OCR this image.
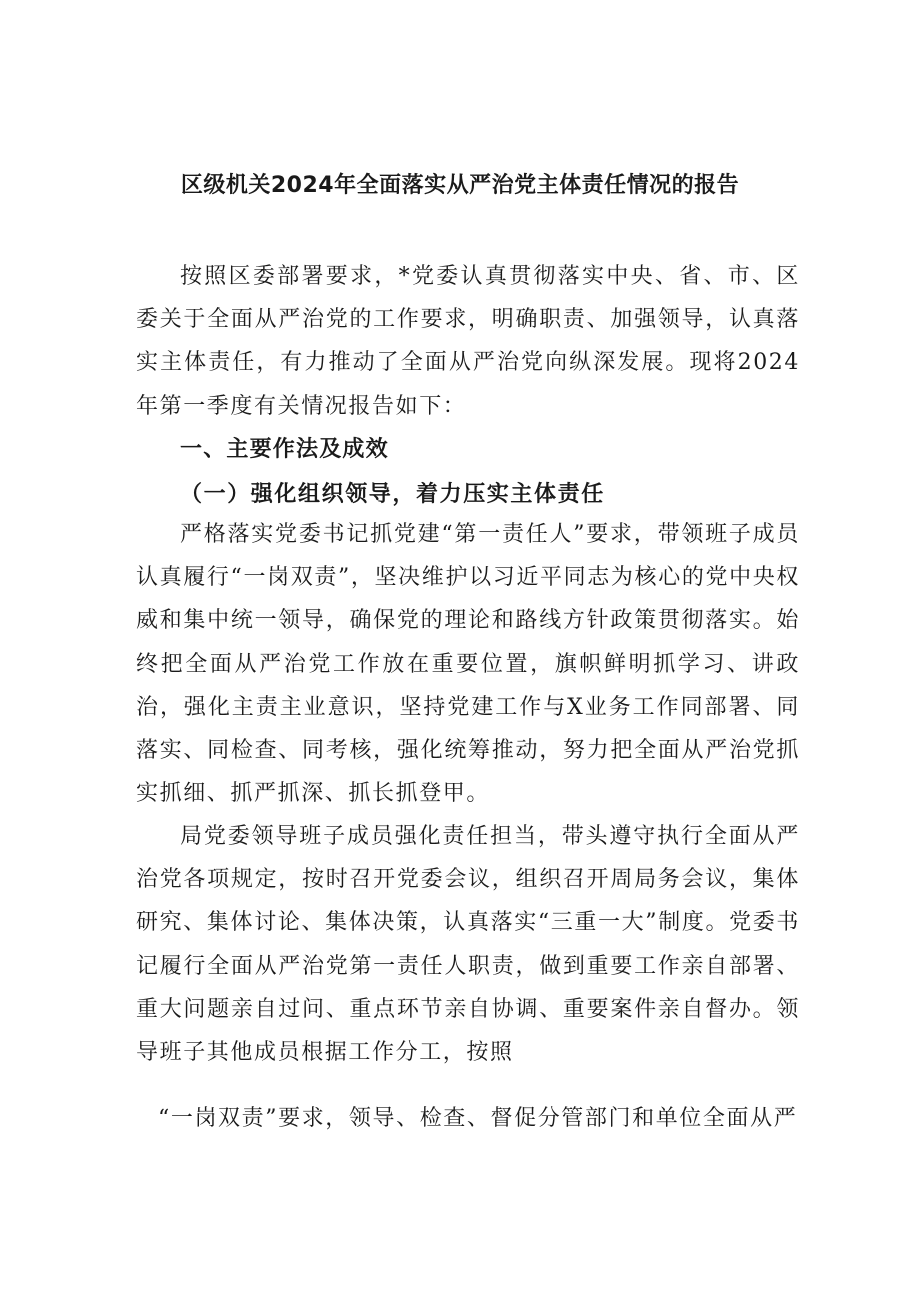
区级机关2024年全面落实从严治党主体责任情况的报告

按照区委部署要求，*党委认真贯彻落实中央、省、市、区委关于全面从严治党的工作要求，明确职责、加强领导，认真落实主体责任，有力推动了全面从严治党向纵深发展。现将2024年第一季度有关情况报告如下：

一、主要作法及成效
（一）强化组织领导，着力压实主体责任

严格落实党委书记抓党建“第一责任人”要求，带领班子成员认真履行“一岗双责”，坚决维护以习近平同志为核心的党中央权威和集中统一领导，确保党的理论和路线方针政策贯彻落实。始终把全面从严治党工作放在重要位置，旗帜鲜明抓学习、讲政治，强化主责主业意识，坚持党建工作与X业务工作同部署、同落实、同检查、同考核，强化统筹推动，努力把全面从严治党抓实抓细、抓严抓深、抓长抓登甲。

局党委领导班子成员强化责任担当，带头遵守执行全面从严治党各项规定，按时召开党委会议，组织召开周局务会议，集体研究、集体讨论、集体决策，认真落实“三重一大”制度。党委书记履行全面从严治党第一责任人职责，做到重要工作亲自部署、重大问题亲自过问、重点环节亲自协调、重要案件亲自督办。领导班子其他成员根据工作分工，按照

“一岗双责”要求，领导、检查、督促分管部门和单位全面从严
